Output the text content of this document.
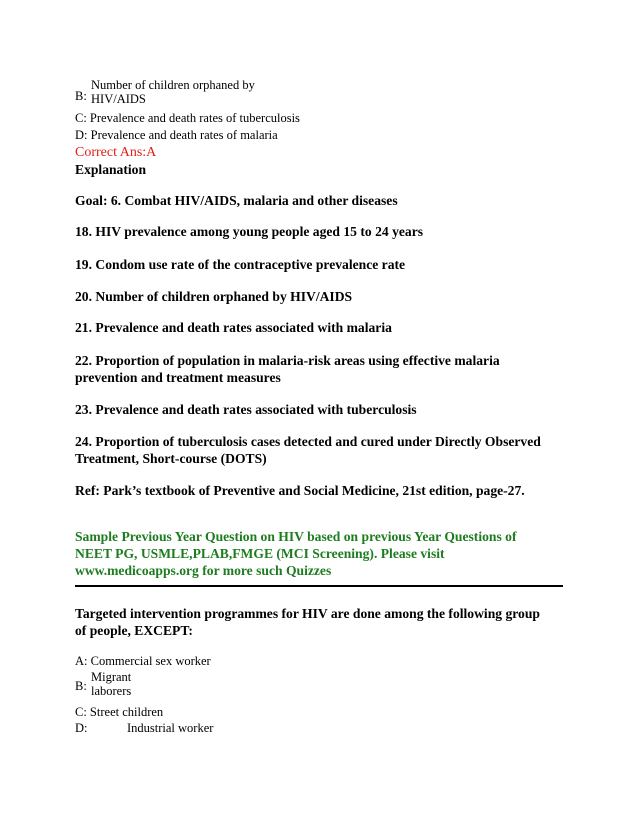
B:
Number of children orphaned by
HIV/AIDS
C: Prevalence and death rates of tuberculosis
D: Prevalence and death rates of malaria
Correct Ans:A
Explanation
Goal: 6. Combat HIV/AIDS, malaria and other diseases
18. HIV prevalence among young people aged 15 to 24 years
19. Condom use rate of the contraceptive prevalence rate
20. Number of children orphaned by HIV/AIDS
21. Prevalence and death rates associated with malaria
22. Proportion of population in malaria-risk areas using effective malaria
prevention and treatment measures
23. Prevalence and death rates associated with tuberculosis
24. Proportion of tuberculosis cases detected and cured under Directly Observed
Treatment, Short-course (DOTS)
Ref: Park’s textbook of Preventive and Social Medicine, 21st edition, page-27.
Sample Previous Year Question on HIV based on previous Year Questions of
NEET PG, USMLE,PLAB,FMGE (MCI Screening). Please visit
www.medicoapps.org for more such Quizzes
Targeted intervention programmes for HIV are done among the following group
of people, EXCEPT:
A: Commercial sex worker
B:
Migrant
laborers
C: Street children
D:	Industrial worker
